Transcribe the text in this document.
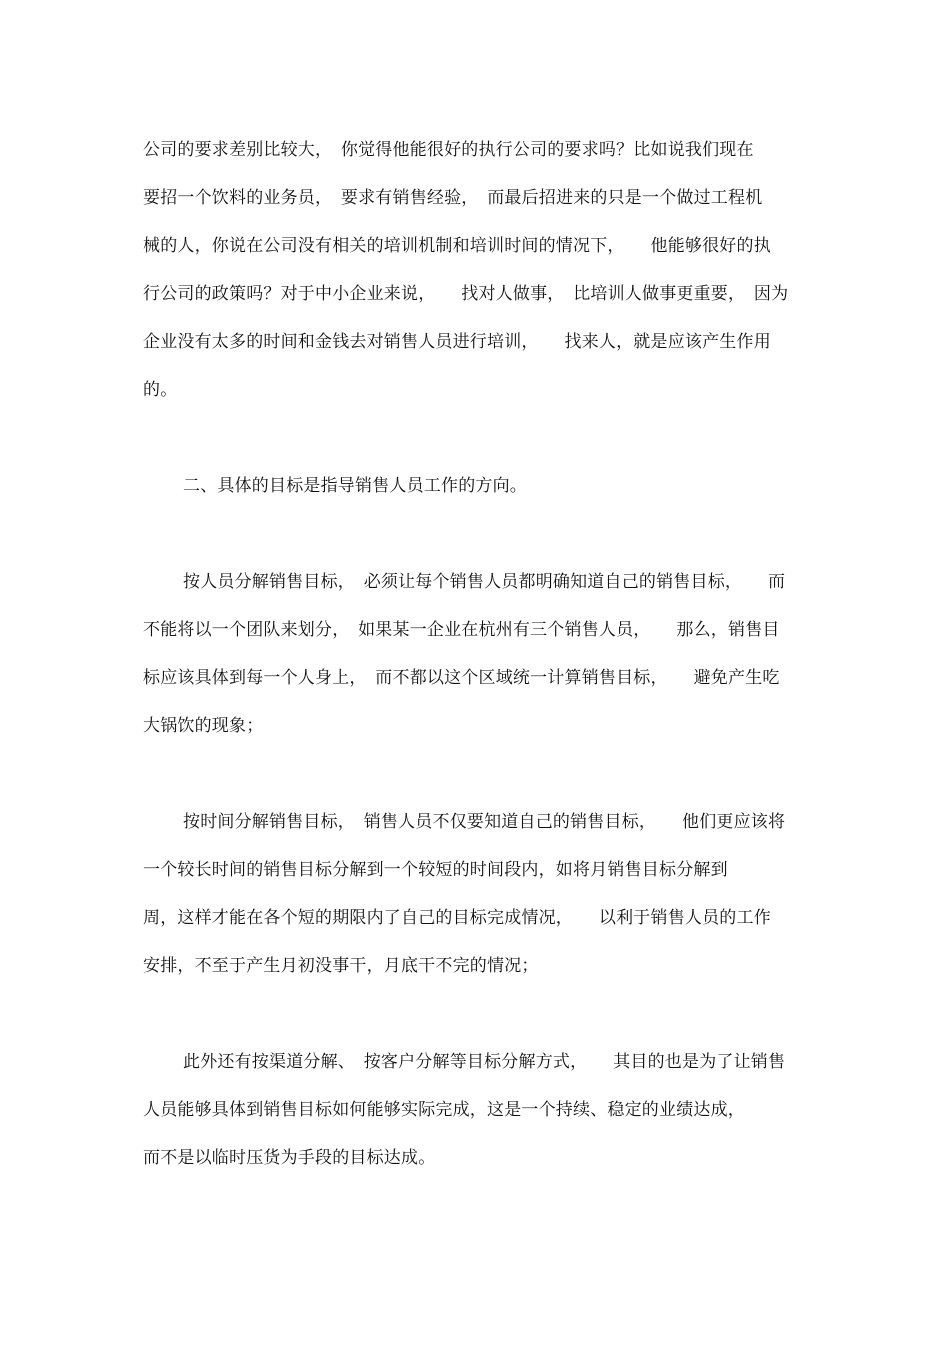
公司的要求差别比较大，　你觉得他能很好的执行公司的要求吗？比如说我们现在
要招一个饮料的业务员，　要求有销售经验，　而最后招进来的只是一个做过工程机
械的人，你说在公司没有相关的培训机制和培训时间的情况下，　　他能够很好的执
行公司的政策吗？对于中小企业来说，　　找对人做事，　比培训人做事更重要，　因为
企业没有太多的时间和金钱去对销售人员进行培训，　　找来人，就是应该产生作用
的。
二、具体的目标是指导销售人员工作的方向。
按人员分解销售目标，　必须让每个销售人员都明确知道自己的销售目标，　　而
不能将以一个团队来划分，　如果某一企业在杭州有三个销售人员，　　那么，销售目
标应该具体到每一个人身上，　而不都以这个区域统一计算销售目标，　　避免产生吃
大锅饮的现象；
按时间分解销售目标，　销售人员不仅要知道自己的销售目标，　　他们更应该将
一个较长时间的销售目标分解到一个较短的时间段内，如将月销售目标分解到
周，这样才能在各个短的期限内了自己的目标完成情况，　　以利于销售人员的工作
安排，不至于产生月初没事干，月底干不完的情况；
此外还有按渠道分解、　按客户分解等目标分解方式，　　其目的也是为了让销售
人员能够具体到销售目标如何能够实际完成，这是一个持续、稳定的业绩达成，
而不是以临时压货为手段的目标达成。
